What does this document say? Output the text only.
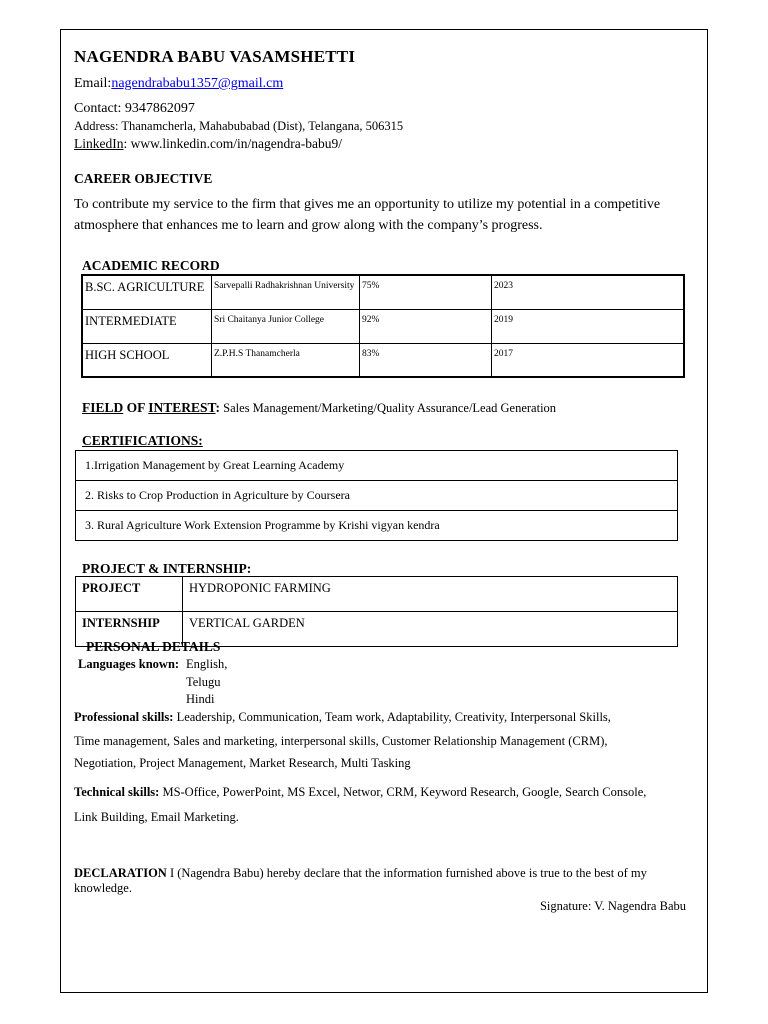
NAGENDRA BABU VASAMSHETTI
Email:nagendrababu1357@gmail.cm
Contact: 9347862097
Address: Thanamcherla, Mahabubabad (Dist), Telangana, 506315
LinkedIn: www.linkedin.com/in/nagendra-babu9/
CAREER OBJECTIVE
To contribute my service to the firm that gives me an opportunity to utilize my potential in a competitive
atmosphere that enhances me to learn and grow along with the company’s progress.
ACADEMIC RECORD
B.SC. AGRICULTURE	Sarvepalli Radhakrishnan University	75%	2023
INTERMEDIATE	Sri Chaitanya Junior College	92%	2019
HIGH SCHOOL	Z.P.H.S Thanamcherla	83%	2017
FIELD OF INTEREST: Sales Management/Marketing/Quality Assurance/Lead Generation
CERTIFICATIONS:
1.Irrigation Management by Great Learning Academy
2. Risks to Crop Production in Agriculture by Coursera
3. Rural Agriculture Work Extension Programme by Krishi vigyan kendra
PROJECT & INTERNSHIP:
PROJECT	HYDROPONIC FARMING
INTERNSHIP	VERTICAL GARDEN
PERSONAL DETAILS
Languages known: English,
Telugu
Hindi
Professional skills: Leadership, Communication, Team work, Adaptability, Creativity, Interpersonal Skills,
Time management, Sales and marketing, interpersonal skills, Customer Relationship Management (CRM),
Negotiation, Project Management, Market Research, Multi Tasking
Technical skills: MS-Office, PowerPoint, MS Excel, Networ, CRM, Keyword Research, Google, Search Console,
Link Building, Email Marketing.
DECLARATION I (Nagendra Babu) hereby declare that the information furnished above is true to the best of my
knowledge.
Signature: V. Nagendra Babu
